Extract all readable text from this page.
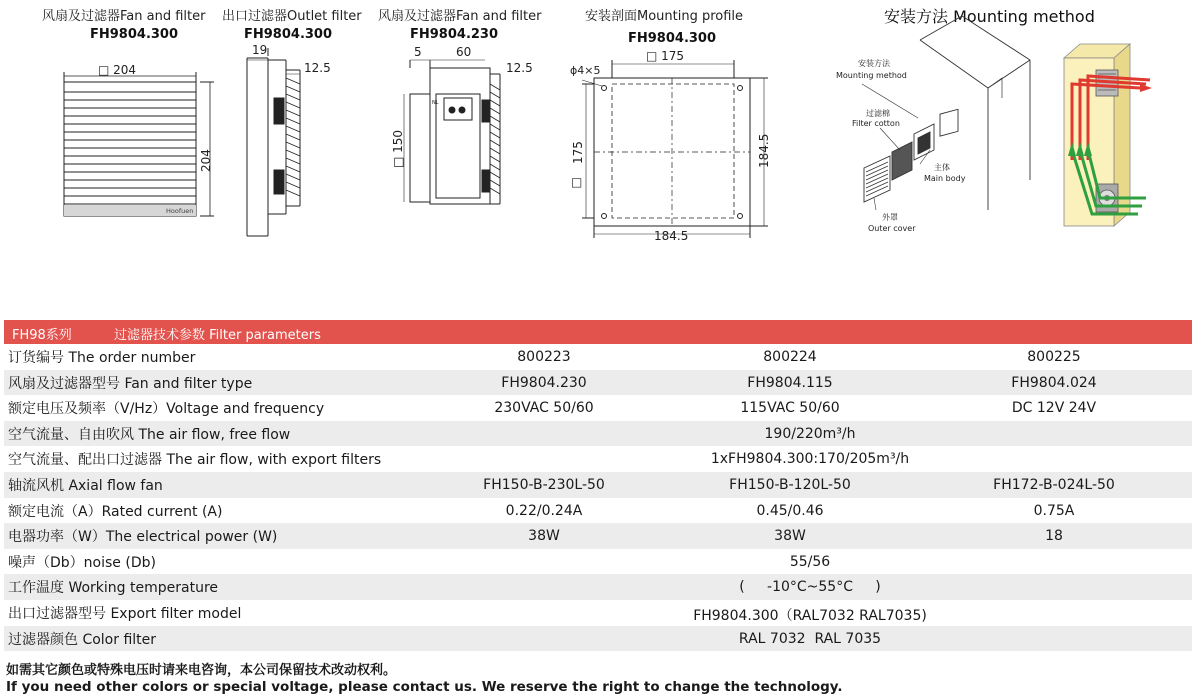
风扇及过滤器Fan and filter
FH9804.300
出口过滤器Outlet filter
FH9804.300
风扇及过滤器Fan and filter
FH9804.230
安装剖面Mounting profile
FH9804.300
安装方法 Mounting method
□ 204
204
Hoofuen
19
12.5
NL
5	60
12.5
□ 150
ϕ4×5
□ 175
175
□
184.5
184.5
安装方法
Mounting method
过滤棉
Filter cotton
主体
Main body
外罩
Outer cover
FH98系列	过滤器技术参数 Filter parameters
订货编号 The order number	800223	800224	800225
风扇及过滤器型号 Fan and filter type	FH9804.230	FH9804.115	FH9804.024
额定电压及频率（V/Hz）Voltage and frequency	230VAC 50/60	115VAC 50/60	DC 12V 24V
空气流量、自由吹风 The air flow, free flow	190/220m³/h
空气流量、配出口过滤器 The air flow, with export filters	1xFH9804.300:170/205m³/h
轴流风机 Axial flow fan	FH150-B-230L-50	FH150-B-120L-50	FH172-B-024L-50
额定电流（A）Rated current (A)	0.22/0.24A	0.45/0.46	0.75A
电器功率（W）The electrical power (W)	38W	38W	18
噪声（Db）noise (Db)	55/56
工作温度 Working temperature	(     -10°C~55°C     )
出口过滤器型号 Export filter model	FH9804.300（RAL7032 RAL7035)
过滤器颜色 Color filter	RAL 7032  RAL 7035
如需其它颜色或特殊电压时请来电咨询，本公司保留技术改动权利。
If you need other colors or special voltage, please contact us. We reserve the right to change the technology.
